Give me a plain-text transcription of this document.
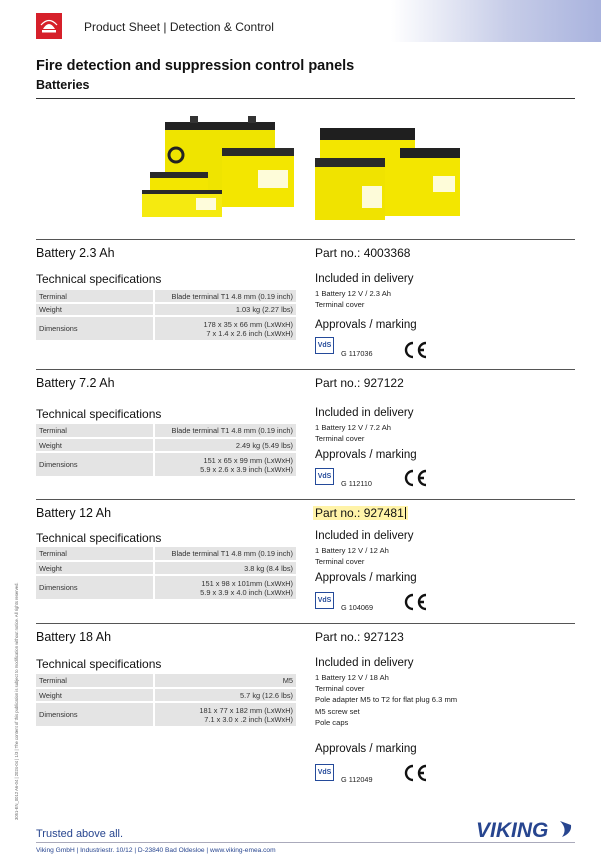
Product Sheet | Detection & Control
Fire detection and suppression control panels
Batteries
Battery 2.3 Ah	Part no.: 4003368
Technical specifications
Terminal	Blade terminal T1 4.8 mm (0.19 inch)
Weight	1.03 kg (2.27 lbs)
Dimensions	178 x 35 x 66 mm (LxWxH)
7 x 1.4 x 2.6 inch (LxWxH)
Included in delivery
1 Battery 12 V / 2.3 Ah
Terminal cover
Approvals / marking
VdS
G 117036
Battery 7.2 Ah	Part no.: 927122
Technical specifications
Terminal	Blade terminal T1 4.8 mm (0.19 inch)
Weight	2.49 kg (5.49 lbs)
Dimensions	151 x 65 x 99 mm (LxWxH)
5.9 x 2.6 x 3.9 inch (LxWxH)
Included in delivery
1 Battery 12 V / 7.2 Ah
Terminal cover
Approvals / marking
VdS
G 112110
Battery 12 Ah	Part no.: 927481
Technical specifications
Terminal	Blade terminal T1 4.8 mm (0.19 inch)
Weight	3.8 kg (8.4 lbs)
Dimensions	151 x 98 x 101mm (LxWxH)
5.9 x 3.9 x 4.0 inch (LxWxH)
Included in delivery
1 Battery 12 V / 12 Ah
Terminal cover
Approvals / marking
VdS
G 104069
Battery 18 Ah	Part no.: 927123
Technical specifications
Terminal	M5
Weight	5.7 kg (12.6 lbs)
Dimensions	181 x 77 x 182 mm (LxWxH)
7.1 x 3.0 x .2 inch (LxWxH)
Included in delivery
1 Battery 12 V / 18 Ah
Terminal cover
Pole adapter M5 to T2 for flat plug 6.3 mm
M5 screw set
Pole caps
Approvals / marking
VdS
G 112049
3051-EN_0012 A6-04 | 2024-04 | 1/3 | The content of this publication is subject to modification without notice. All rights reserved.
Trusted above all.
Viking GmbH | Industriestr. 10/12 | D-23840 Bad Oldesloe | www.viking-emea.com
VIKING
